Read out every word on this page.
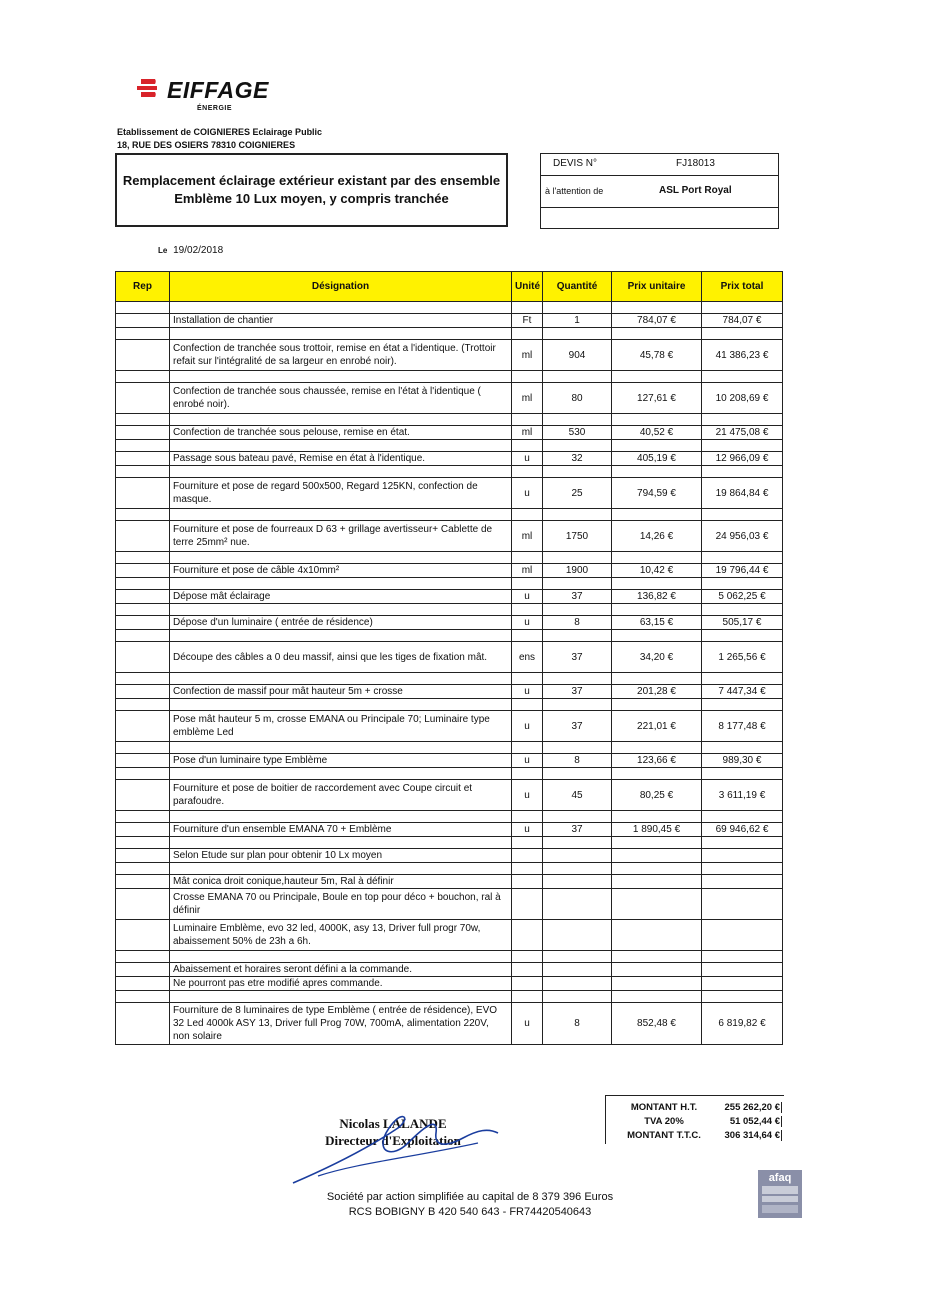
EIFFAGE
ÉNERGIE
Etablissement de COIGNIERES Eclairage Public
18, RUE DES OSIERS 78310 COIGNIERES
Remplacement éclairage extérieur existant par des ensemble
Emblème 10 Lux moyen, y compris tranchée
DEVIS N°	FJ18013
à l'attention de	ASL Port Royal
Le 19/02/2018
Rep	Désignation	Unité	Quantité	Prix unitaire	Prix total

	Installation de chantier	Ft	1	784,07 €	784,07 €

	Confection de tranchée sous trottoir, remise en état a l'identique. (Trottoir refait sur l'intégralité de sa largeur en enrobé noir).	ml	904	45,78 €	41 386,23 €

	Confection de tranchée sous chaussée, remise en l'état à l'identique ( enrobé noir).	ml	80	127,61 €	10 208,69 €

	Confection de tranchée sous pelouse, remise en état.	ml	530	40,52 €	21 475,08 €

	Passage sous bateau pavé, Remise en état à l'identique.	u	32	405,19 €	12 966,09 €

	Fourniture et pose de regard 500x500, Regard 125KN, confection de masque.	u	25	794,59 €	19 864,84 €

	Fourniture et pose de fourreaux D 63 + grillage avertisseur+ Cablette de terre 25mm² nue.	ml	1750	14,26 €	24 956,03 €

	Fourniture et pose de câble 4x10mm²	ml	1900	10,42 €	19 796,44 €

	Dépose mât éclairage	u	37	136,82 €	5 062,25 €

	Dépose d'un luminaire ( entrée de résidence)	u	8	63,15 €	505,17 €

	Découpe des câbles a 0 deu massif, ainsi que les tiges de fixation mât.	ens	37	34,20 €	1 265,56 €

	Confection de massif pour mât hauteur 5m + crosse	u	37	201,28 €	7 447,34 €

	Pose mât hauteur 5 m, crosse EMANA ou Principale 70; Luminaire type emblème Led	u	37	221,01 €	8 177,48 €

	Pose d'un luminaire type Emblème	u	8	123,66 €	989,30 €

	Fourniture et pose de boitier de raccordement avec Coupe circuit et parafoudre.	u	45	80,25 €	3 611,19 €

	Fourniture d'un ensemble EMANA 70 + Emblème	u	37	1 890,45 €	69 946,62 €

	Selon Etude sur plan pour obtenir 10 Lx moyen				

	Mât conica droit conique,hauteur 5m, Ral à définir				
	Crosse EMANA 70 ou Principale, Boule en top pour déco + bouchon, ral à définir				
	Luminaire Emblème, evo 32 led, 4000K, asy 13, Driver full progr 70w, abaissement 50% de 23h a 6h.				

	Abaissement et horaires seront défini a la commande.				
	Ne pourront pas etre modifié apres commande.				

	Fourniture de 8 luminaires de type Emblème ( entrée de résidence), EVO 32 Led 4000k ASY 13, Driver full Prog 70W, 700mA, alimentation 220V, non solaire	u	8	852,48 €	6 819,82 €
MONTANT H.T.	255 262,20 €
TVA 20%	51 052,44 €
MONTANT T.T.C.	306 314,64 €
Nicolas LALANDE
Directeur d'Exploitation
Société par action simplifiée au capital de 8 379 396 Euros
RCS BOBIGNY B 420 540 643 - FR74420540643
afaq
